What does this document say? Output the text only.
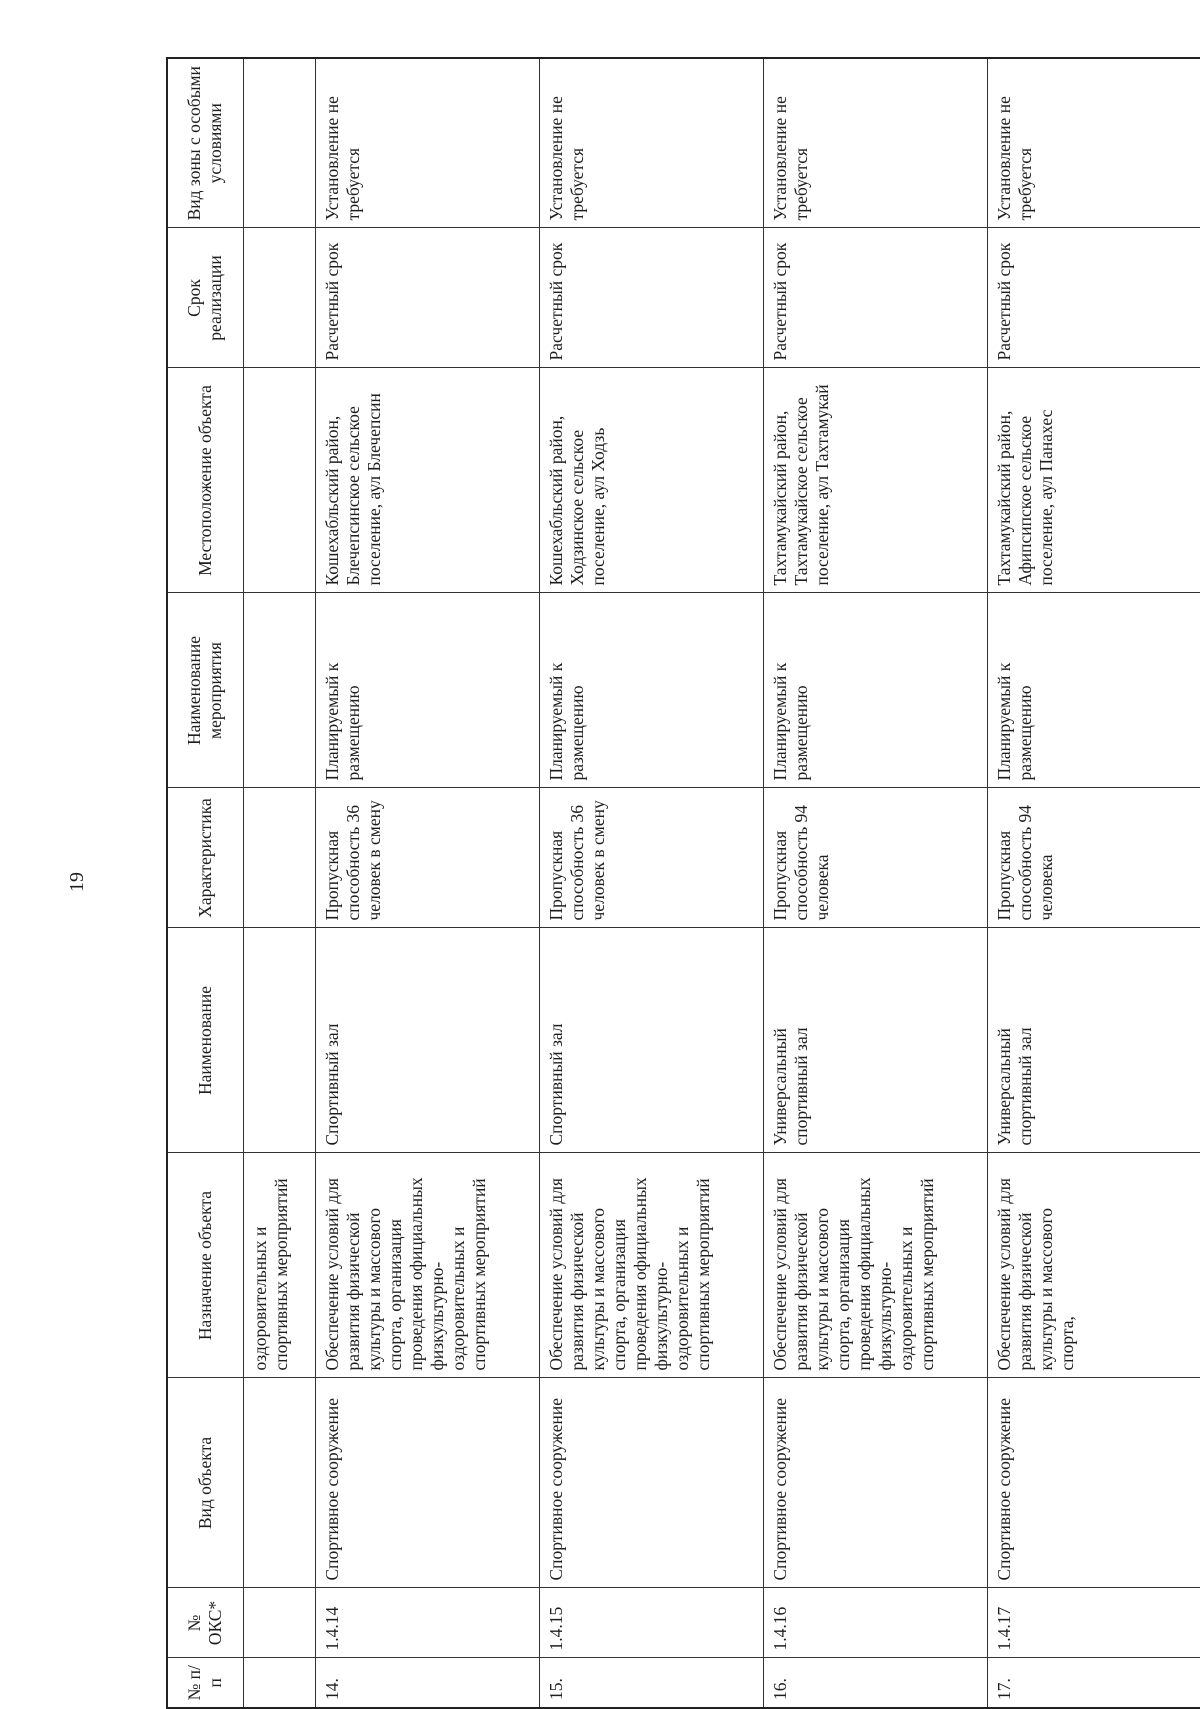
19
№ п/п	№ ОКС*	Вид объекта	Назначение объекта	Наименование	Характеристика	Наименование мероприятия	Местоположение объекта	Срок реализации	Вид зоны с особыми условиями
			оздоровительных и спортивных мероприятий						
14.	1.4.14	Спортивное сооружение	Обеспечение условий для развития физической культуры и массового спорта, организация проведения официальных физкультурно-оздоровительных и спортивных мероприятий	Спортивный зал	Пропускная способность 36 человек в смену	Планируемый к размещению	Кошехабльский район, Блечепсинское сельское поселение, аул Блечепсин	Расчетный срок	Установление не требуется
15.	1.4.15	Спортивное сооружение	Обеспечение условий для развития физической культуры и массового спорта, организация проведения официальных физкультурно-оздоровительных и спортивных мероприятий	Спортивный зал	Пропускная способность 36 человек в смену	Планируемый к размещению	Кошехабльский район, Ходзинское сельское поселение, аул Ходзь	Расчетный срок	Установление не требуется
16.	1.4.16	Спортивное сооружение	Обеспечение условий для развития физической культуры и массового спорта, организация проведения официальных физкультурно-оздоровительных и спортивных мероприятий	Универсальный спортивный зал	Пропускная способность 94 человека	Планируемый к размещению	Тахтамукайский район, Тахтамукайское сельское поселение, аул Тахтамукай	Расчетный срок	Установление не требуется
17.	1.4.17	Спортивное сооружение	Обеспечение условий для развития физической культуры и массового спорта,	Универсальный спортивный зал	Пропускная способность 94 человека	Планируемый к размещению	Тахтамукайский район, Афипсипское сельское поселение, аул Панахес	Расчетный срок	Установление не требуется
